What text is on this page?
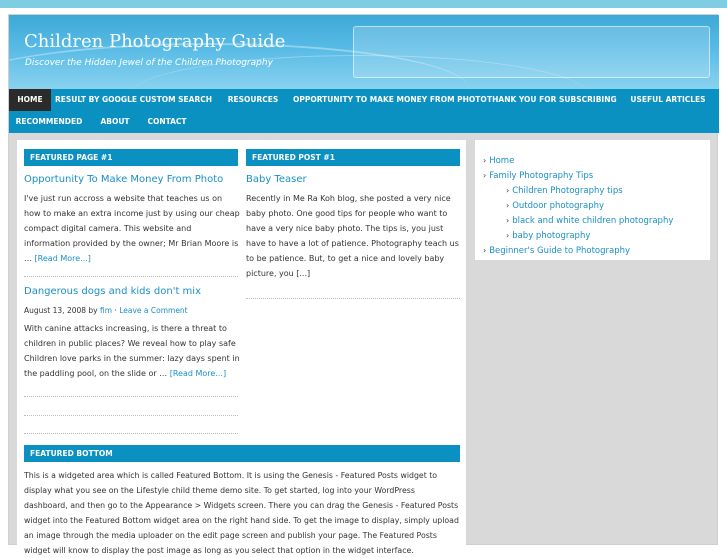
Children Photography Guide

Discover the Hidden Jewel of the Children Photography

HOME	RESULT BY GOOGLE CUSTOM SEARCH	RESOURCES	OPPORTUNITY TO MAKE MONEY FROM PHOTO THANK YOU FOR SUBSCRIBING	USEFUL ARTICLES
RECOMMENDED	ABOUT	CONTACT
FEATURED PAGE #1
Opportunity To Make Money From Photo

I've just run accross a website that teaches us on how to make an extra income just by using our cheap compact digital camera. This website and information provided by the owner; Mr Brian Moore is … [Read More...]

Dangerous dogs and kids don't mix

August 13, 2008 by fim · Leave a Comment

With canine attacks increasing, is there a threat to children in public places? We reveal how to play safe Children love parks in the summer: lazy days spent in the paddling pool, on the slide or … [Read More...]

FEATURED POST #1
Baby Teaser

Recently in Me Ra Koh blog, she posted a very nice baby photo. One good tips for people who want to have a very nice baby photo. The tips is, you just have to have a lot of patience. Photography teach us to be patience. But, to get a nice and lovely baby picture, you [...]

FEATURED BOTTOM

This is a widgeted area which is called Featured Bottom. It is using the Genesis - Featured Posts widget to display what you see on the Lifestyle child theme demo site. To get started, log into your WordPress dashboard, and then go to the Appearance > Widgets screen. There you can drag the Genesis - Featured Posts widget into the Featured Bottom widget area on the right hand side. To get the image to display, simply upload an image through the media uploader on the edit page screen and publish your page. The Featured Posts widget will know to display the post image as long as you select that option in the widget interface.

› Home
› Family Photography Tips
› Children Photography tips
› Outdoor photography
› black and white children photography
› baby photography
› Beginner's Guide to Photography
